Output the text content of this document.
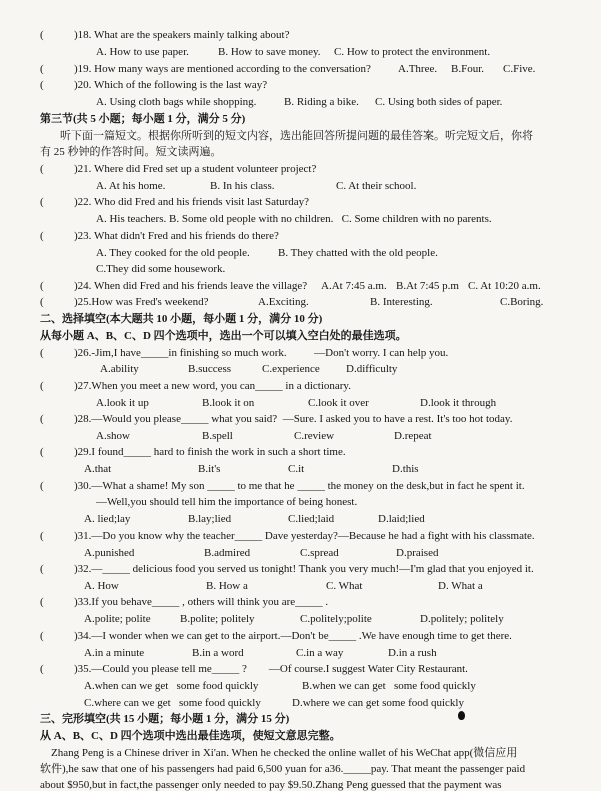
(	)18. What are the speakers mainly talking about?
A. How to use paper.	B. How to save money. C. How to protect the environment.
(	)19. How many ways are mentioned according to the conversation? A.Three. B.Four. C.Five.
(	)20. Which of the following is the last way?
A. Using cloth bags while shopping.	B. Riding a bike. C. Using both sides of paper.
第三节(共 5 小题；每小题 1 分，满分 5 分)
听下面一篇短文。根据你所听到的短文内容，选出能回答所提问题的最佳答案。听完短文后，你将
有 25 秒钟的作答时间。短文读两遍。
(	)21. Where did Fred set up a student volunteer project?
A. At his home.	B. In his class.	C. At their school.
(	)22. Who did Fred and his friends visit last Saturday?
A. His teachers. B. Some old people with no children.   C. Some children with no parents.
(	)23. What didn't Fred and his friends do there?
A. They cooked for the old people.	B. They chatted with the old people.
C.They did some housework.
(	)24. When did Fred and his friends leave the village? A.At 7:45 a.m. B.At 7:45 p.m C. At 10:20 a.m.
(	)25.How was Fred's weekend?	A.Exciting.	B. Interesting.	C.Boring.
二、选择填空(本大题共 10 小题，每小题 1 分，满分 10 分)
从每小题 A、B、C、D 四个选项中，选出一个可以填入空白处的最佳选项。
(	)26.-Jim,I have_____in finishing so much work.          —Don't worry. I can help you.
A.ability	B.success	C.experience D.difficulty
(	)27.When you meet a new word, you can_____ in a dictionary.
A.look it up	B.look it on	C.look it over	D.look it through
(	)28.—Would you please_____ what you said?  —Sure. I asked you to have a rest. It's too hot today.
A.show	B.spell	C.review	D.repeat
(	)29.I found_____ hard to finish the work in such a short time.
A.that	B.it's	C.it	D.this
(	)30.—What a shame! My son _____ to me that he _____ the money on the desk,but in fact he spent it.
—Well,you should tell him the importance of being honest.
A. lied;lay	B.lay;lied	C.lied;laid	D.laid;lied
(	)31.—Do you know why the teacher_____ Dave yesterday?—Because he had a fight with his classmate.
A.punished	B.admired	C.spread	D.praised
(	)32.—_____ delicious food you served us tonight! Thank you very much!—I'm glad that you enjoyed it.
A. How	B. How a	C. What	D. What a
(	)33.If you behave_____ , others will think you are_____ .
A.polite; polite	B.polite; politely	C.politely;polite	D.politely; politely
(	)34.—I wonder when we can get to the airport.—Don't be_____ .We have enough time to get there.
A.in a minute	B.in a word	C.in a way	D.in a rush
(	)35.—Could you please tell me_____ ?        —Of course.I suggest Water City Restaurant.
A.when can we get   some food quickly	B.when we can get   some food quickly
C.where can we get   some food quickly	D.where we can get some food quickly
三、完形填空(共 15 小题；每小题 1 分，满分 15 分)
从 A、B、C、D 四个选项中选出最佳选项，使短文意思完整。
Zhang Peng is a Chinese driver in Xi'an. When he checked the online wallet of his WeChat app(微信应用
软件),he saw that one of his passengers had paid 6,500 yuan for a36._____pay. That meant the passenger paid
about $950,but in fact,the passenger only needed to pay $9.50.Zhang Peng guessed that the payment was
